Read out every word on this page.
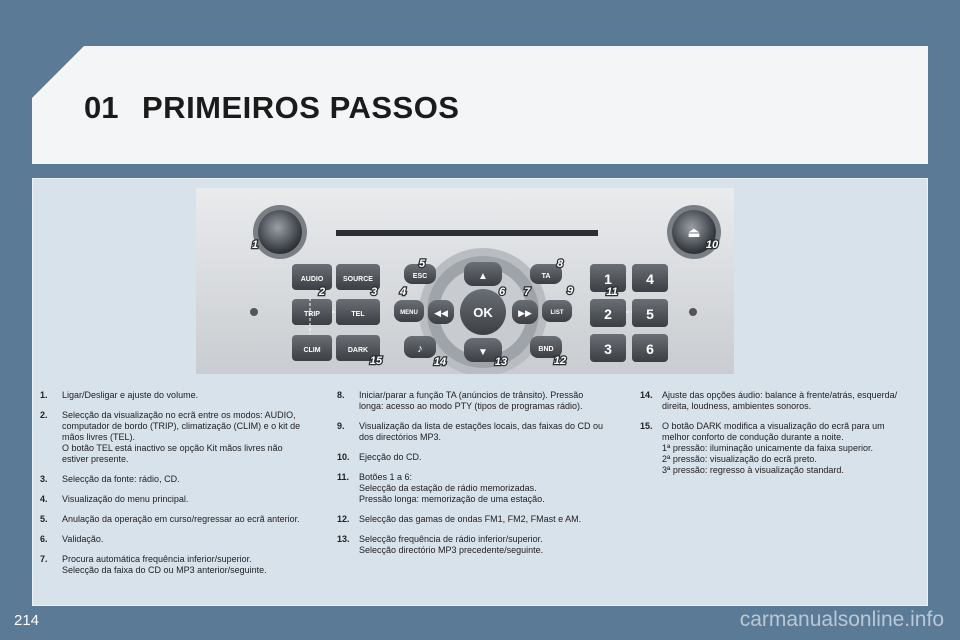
01 PRIMEIROS PASSOS
⏏
AUDIO	SOURCE
TRIP	TEL
CLIM	DARK
ESC
MENU
♪
TA
LIST
BND
▲
▼
◀◀	▶▶
OK
1 4
2 5
3 6
1
2	3 4
5
6 7
8
9
10
11
12
13
14
15
1.	Ligar/Desligar e ajuste do volume.
2.	Selecção da visualização no ecrã entre os modos: AUDIO,
computador de bordo (TRIP), climatização (CLIM) e o kit de
mãos livres (TEL).
O botão TEL está inactivo se opção Kit mãos livres não
estiver presente.
3.	Selecção da fonte: rádio, CD.
4.	Visualização do menu principal.
5.	Anulação da operação em curso/regressar ao ecrã anterior.
6.	Validação.
7.	Procura automática frequência inferior/superior.
Selecção da faixa do CD ou MP3 anterior/seguinte.
8.	Iniciar/parar a função TA (anúncios de trânsito). Pressão
longa: acesso ao modo PTY (tipos de programas rádio).
9.	Visualização da lista de estações locais, das faixas do CD ou
dos directórios MP3.
10.	Ejecção do CD.
11.	Botões 1 a 6:
Selecção da estação de rádio memorizadas.
Pressão longa: memorização de uma estação.
12.	Selecção das gamas de ondas FM1, FM2, FMast e AM.
13.	Selecção frequência de rádio inferior/superior.
Selecção directório MP3 precedente/seguinte.
14.	Ajuste das opções áudio: balance à frente/atrás, esquerda/
direita, loudness, ambientes sonoros.
15.	O botão DARK modifica a visualização do ecrã para um
melhor conforto de condução durante a noite.
1ª pressão: iluminação unicamente da faixa superior.
2ª pressão: visualização do ecrã preto.
3ª pressão: regresso à visualização standard.
214	carmanualsonline.info
